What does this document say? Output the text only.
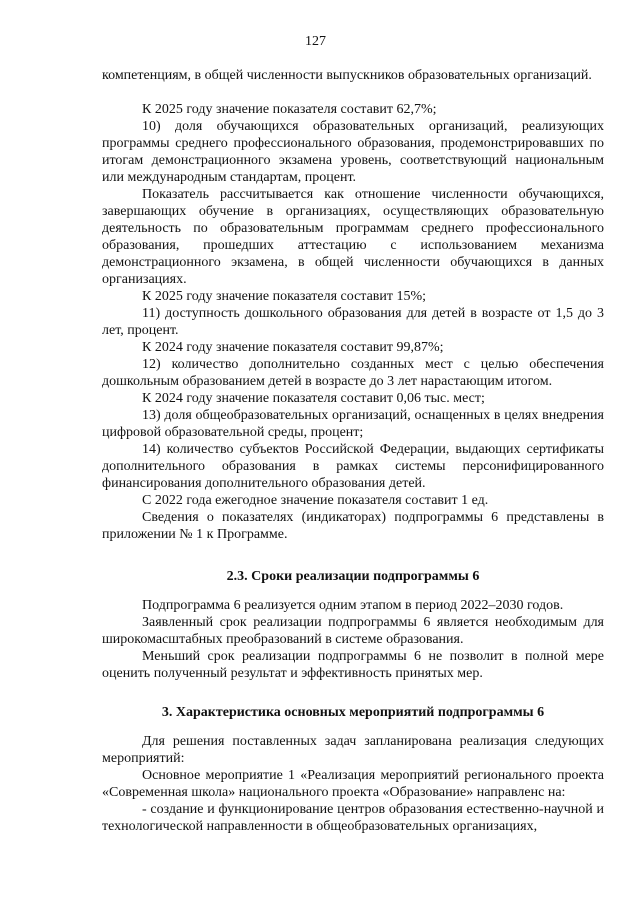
127

компетенциям, в общей численности выпускников образовательных организаций.

К 2025 году значение показателя составит 62,7%;

10) доля обучающихся образовательных организаций, реализующих программы среднего профессионального образования, продемонстрировавших по итогам демонстрационного экзамена уровень, соответствующий национальным или международным стандартам, процент.

Показатель рассчитывается как отношение численности обучающихся, завершающих обучение в организациях, осуществляющих образовательную деятельность по образовательным программам среднего профессионального образования, прошедших аттестацию с использованием механизма демонстрационного экзамена, в общей численности обучающихся в данных организациях.

К 2025 году значение показателя составит 15%;

11) доступность дошкольного образования для детей в возрасте от 1,5 до 3 лет, процент.

К 2024 году значение показателя составит 99,87%;

12) количество дополнительно созданных мест с целью обеспечения дошкольным образованием детей в возрасте до 3 лет нарастающим итогом.

К 2024 году значение показателя составит 0,06 тыс. мест;

13) доля общеобразовательных организаций, оснащенных в целях внедрения цифровой образовательной среды, процент;

14) количество субъектов Российской Федерации, выдающих сертификаты дополнительного образования в рамках системы персонифицированного финансирования дополнительного образования детей.

С 2022 года ежегодное значение показателя составит 1 ед.

Сведения о показателях (индикаторах) подпрограммы 6 представлены в приложении № 1 к Программе.

2.3. Сроки реализации подпрограммы 6

Подпрограмма 6 реализуется одним этапом в период 2022–2030 годов.

Заявленный срок реализации подпрограммы 6 является необходимым для широкомасштабных преобразований в системе образования.

Меньший срок реализации подпрограммы 6 не позволит в полной мере оценить полученный результат и эффективность принятых мер.

3. Характеристика основных мероприятий подпрограммы 6

Для решения поставленных задач запланирована реализация следующих мероприятий:

Основное мероприятие 1 «Реализация мероприятий регионального проекта «Современная школа» национального проекта «Образование» направленс на:

- создание и функционирование центров образования естественно-научной и технологической направленности в общеобразовательных организациях,
